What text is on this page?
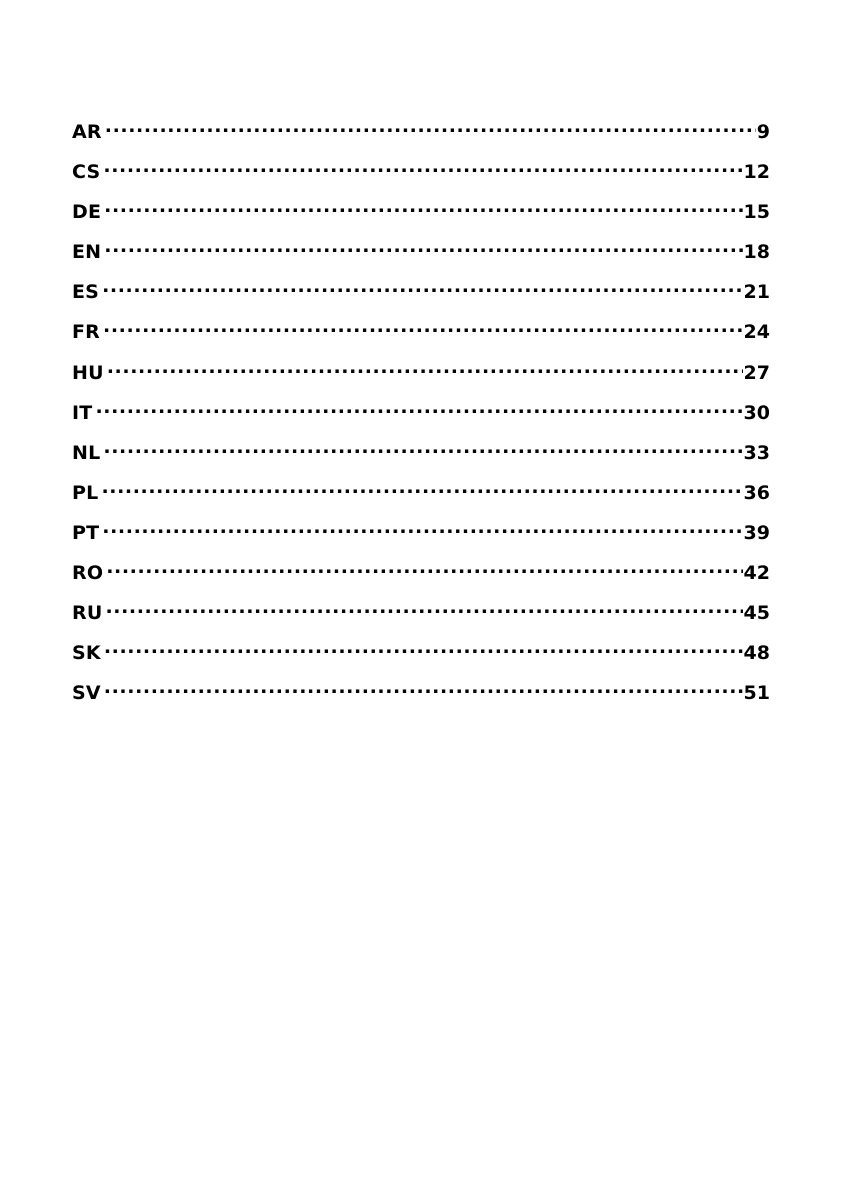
AR .....	9
CS .....	12
DE .....	15
EN .....	18
ES .....	21
FR .....	24
HU .....	27
IT .....	30
NL .....	33
PL .....	36
PT .....	39
RO .....	42
RU .....	45
SK .....	48
SV .....	51
